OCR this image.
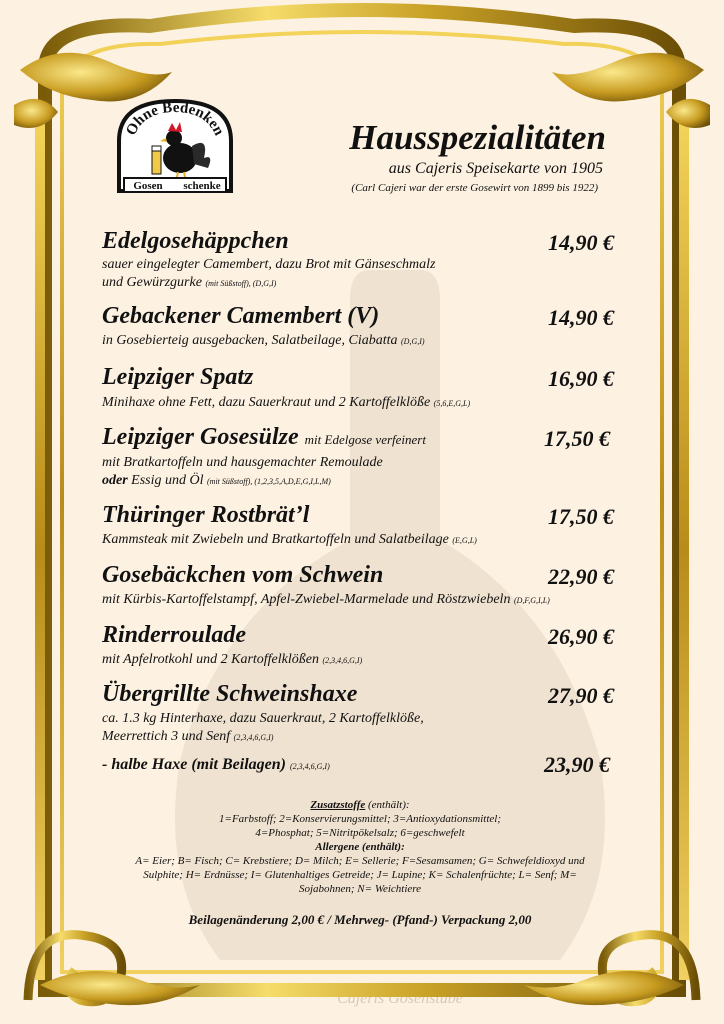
Cajeris Gosenstube
Ohne Bedenken
Gosen schenke
Hausspezialitäten
aus Cajeris Speisekarte von 1905
(Carl Cajeri war der erste Gosewirt von 1899 bis 1922)
Edelgosehäppchen	14,90 €
sauer eingelegter Camembert, dazu Brot mit Gänseschmalz
und Gewürzgurke (mit Süßstoff), (D,G,I)
Gebackener Camembert (V)	14,90 €
in Gosebierteig ausgebacken, Salatbeilage, Ciabatta (D,G,I)
Leipziger Spatz	16,90 €
Minihaxe ohne Fett, dazu Sauerkraut und 2 Kartoffelklöße (5,6,E,G,L)
Leipziger Gosesülze mit Edelgose verfeinert	17,50 €
mit Bratkartoffeln und hausgemachter Remoulade
oder Essig und Öl (mit Süßstoff), (1,2,3,5,A,D,E,G,I,L,M)
Thüringer Rostbrät’l	17,50 €
Kammsteak mit Zwiebeln und Bratkartoffeln und Salatbeilage (E,G,L)
Gosebäckchen vom Schwein	22,90 €
mit Kürbis-Kartoffelstampf, Apfel-Zwiebel-Marmelade und Röstzwiebeln (D,F,G,I,L)
Rinderroulade	26,90 €
mit Apfelrotkohl und 2 Kartoffelklößen (2,3,4,6,G,I)
Übergrillte Schweinshaxe	27,90 €
ca. 1.3 kg Hinterhaxe, dazu Sauerkraut, 2 Kartoffelklöße,
Meerrettich 3 und Senf (2,3,4,6,G,I)
- halbe Haxe (mit Beilagen) (2,3,4,6,G,I)	23,90 €
Zusatzstoffe (enthält):
1=Farbstoff; 2=Konservierungsmittel; 3=Antioxydationsmittel;
4=Phosphat; 5=Nitritpökelsalz; 6=geschwefelt
Allergene (enthält):
A= Eier; B= Fisch; C= Krebstiere; D= Milch; E= Sellerie; F=Sesamsamen; G= Schwefeldioxyd und
Sulphite; H= Erdnüsse; I= Glutenhaltiges Getreide; J= Lupine; K= Schalenfrüchte; L= Senf; M=
Sojabohnen; N= Weichtiere
Beilagenänderung 2,00 € / Mehrweg- (Pfand-) Verpackung 2,00
